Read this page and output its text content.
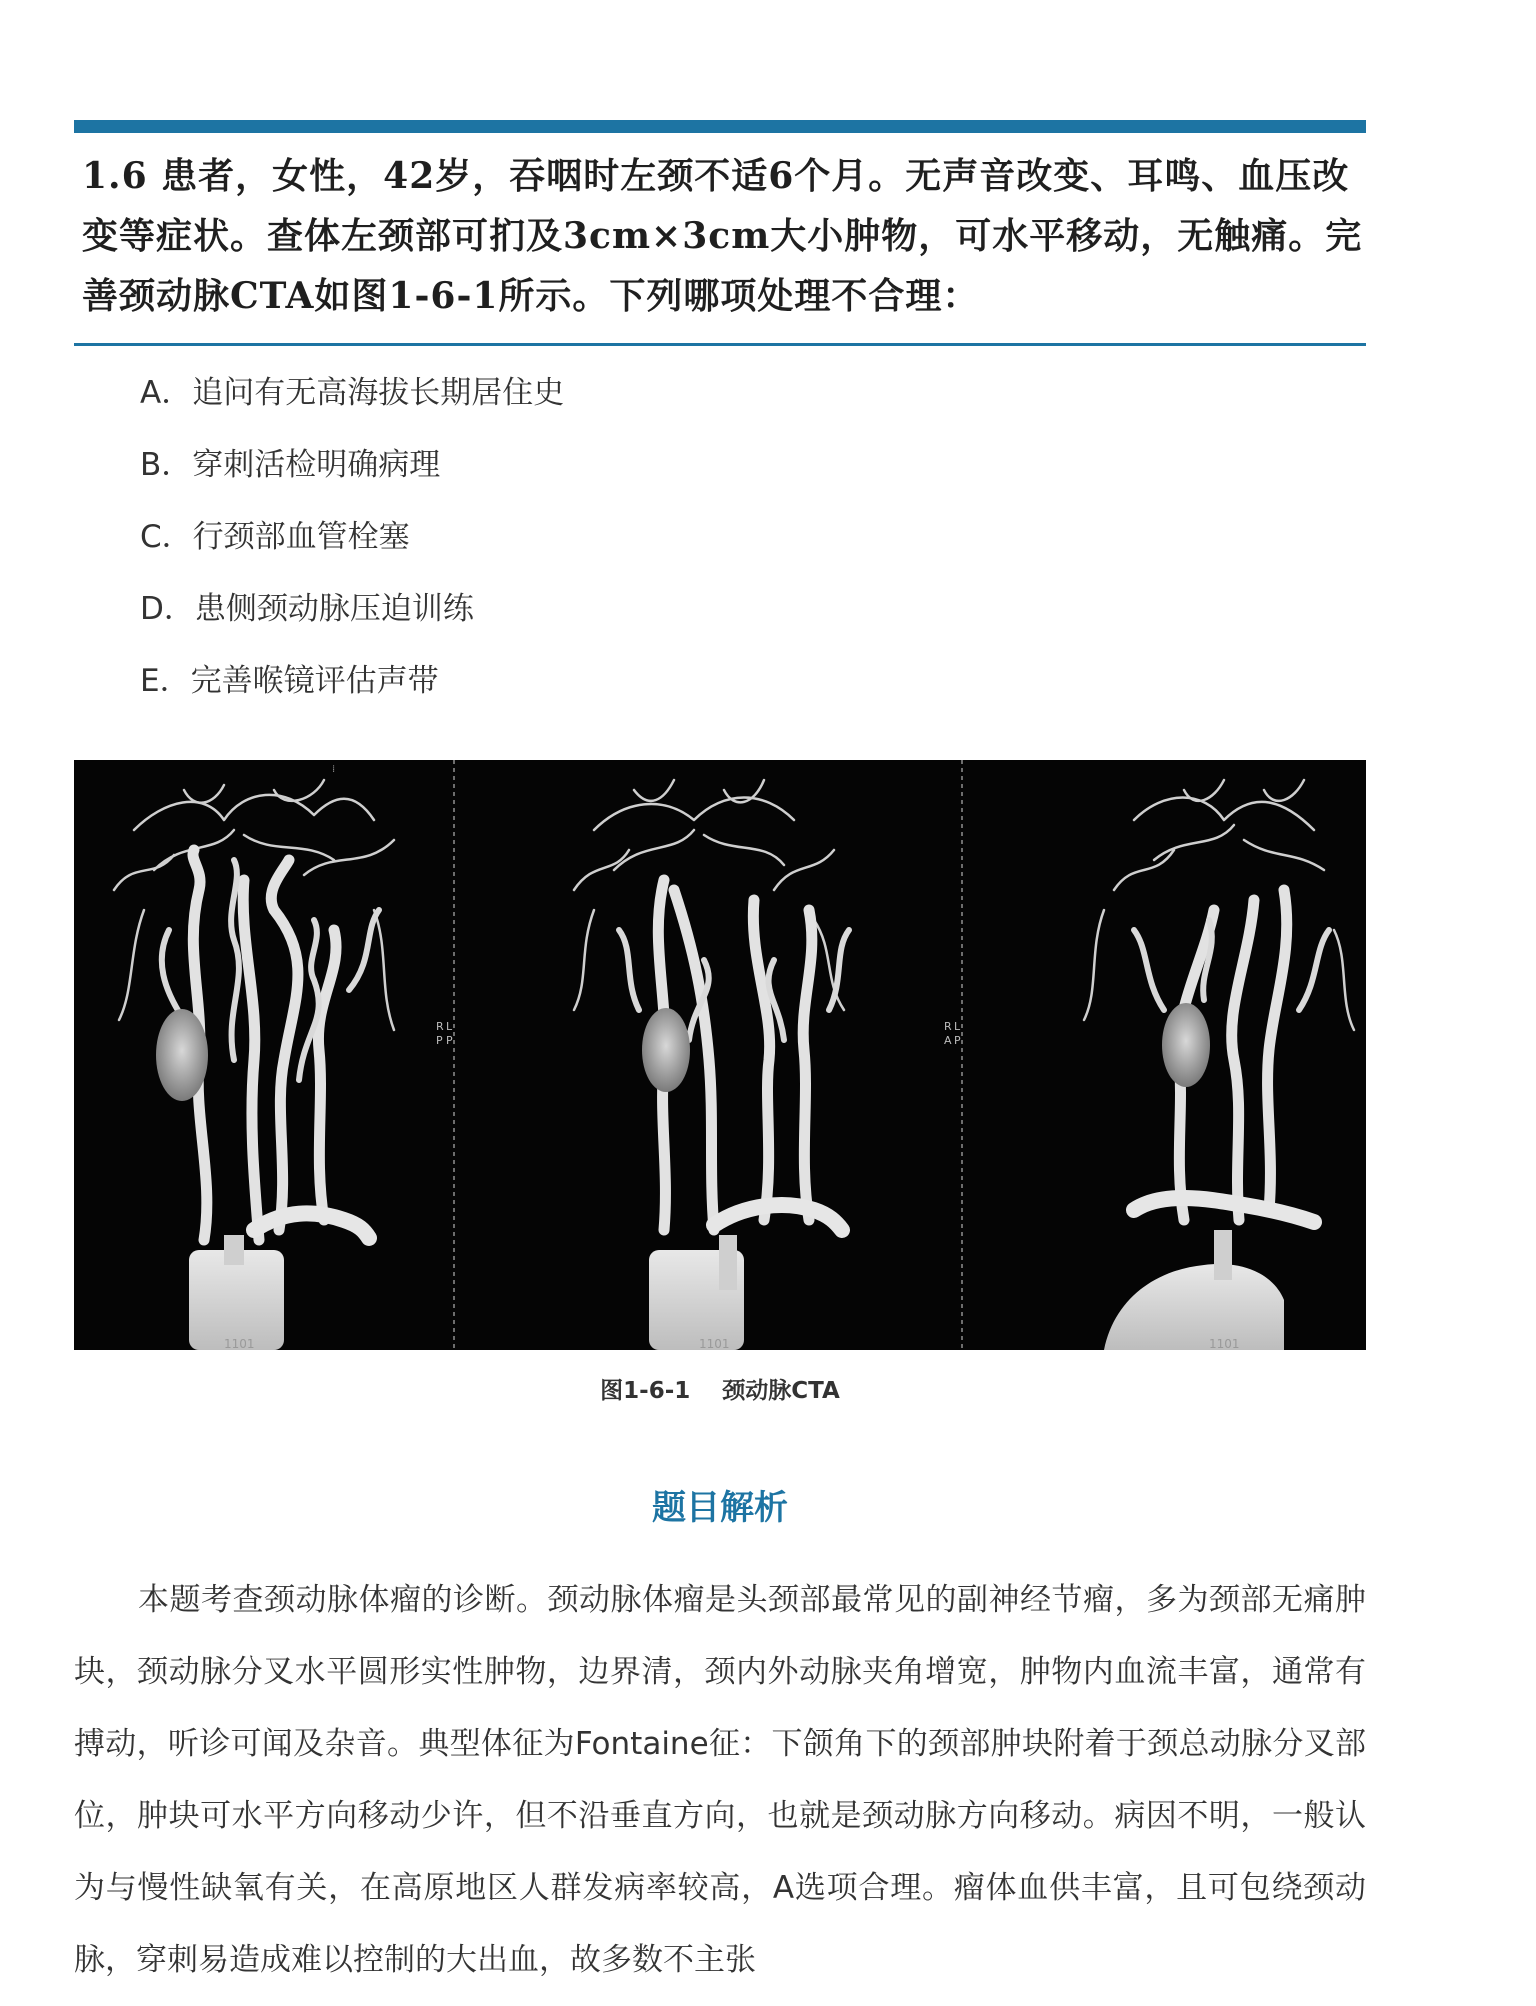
1.6 患者，女性，42岁，吞咽时左颈不适6个月。无声音改变、耳鸣、血压改变等症状。查体左颈部可扪及3cm×3cm大小肿物，可水平移动，无触痛。完善颈动脉CTA如图1-6-1所示。下列哪项处理不合理：
A．追问有无高海拔长期居住史
B．穿刺活检明确病理
C．行颈部血管栓塞
D．患侧颈动脉压迫训练
E．完善喉镜评估声带
1101
⁞
R L
P P
1101
R L
A P
1101
图1-6-1    颈动脉CTA
题目解析

本题考查颈动脉体瘤的诊断。颈动脉体瘤是头颈部最常见的副神经节瘤，多为颈部无痛肿块，颈动脉分叉水平圆形实性肿物，边界清，颈内外动脉夹角增宽，肿物内血流丰富，通常有搏动，听诊可闻及杂音。典型体征为Fontaine征：下颌角下的颈部肿块附着于颈总动脉分叉部位，肿块可水平方向移动少许，但不沿垂直方向，也就是颈动脉方向移动。病因不明，一般认为与慢性缺氧有关，在高原地区人群发病率较高，A选项合理。瘤体血供丰富，且可包绕颈动脉，穿刺易造成难以控制的大出血，故多数不主张
